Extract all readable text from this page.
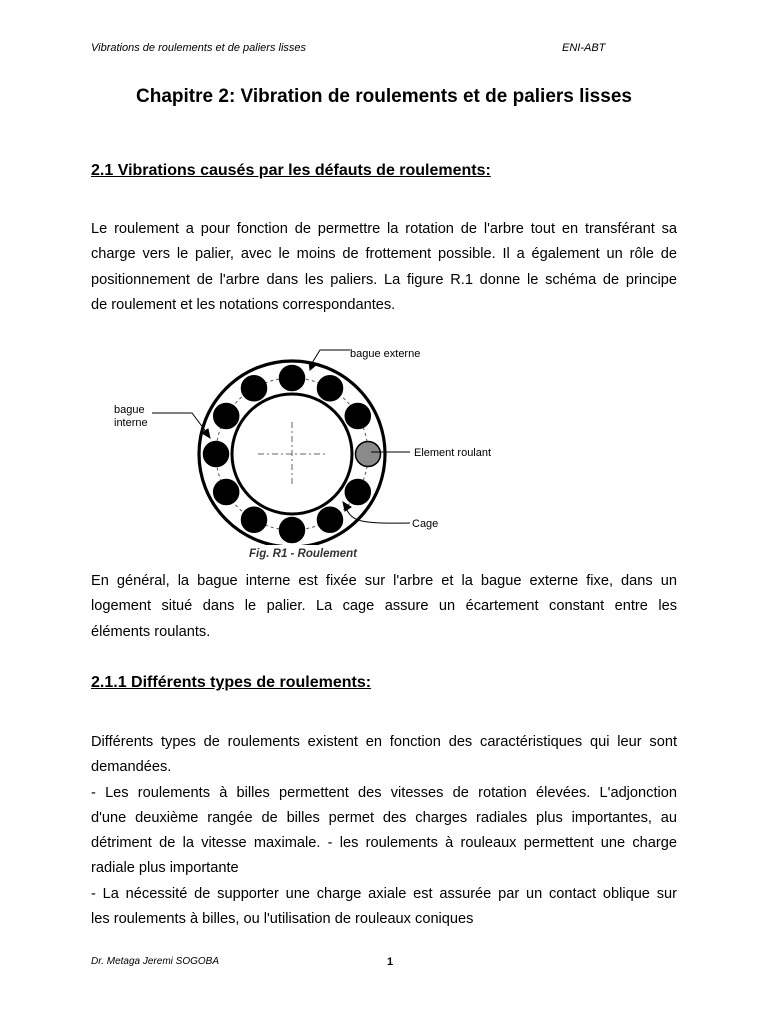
Vibrations de roulements et de paliers lisses	ENI-ABT
Chapitre 2: Vibration de roulements et de paliers lisses
2.1 Vibrations causés par les défauts de roulements:
Le roulement a pour fonction de permettre la rotation de l'arbre tout en transférant sa
charge vers le palier, avec le moins de frottement possible. Il a également un rôle de
positionnement de l'arbre dans les paliers. La figure R.1 donne le schéma de principe
de roulement et les notations correspondantes.
bague externe
bague
interne
Element roulant
Cage
Fig. R1 - Roulement
En général, la bague interne est fixée sur l'arbre et la bague externe fixe, dans un
logement situé dans le palier. La cage assure un écartement constant entre les
éléments roulants.
2.1.1 Différents types de roulements:
Différents types de roulements existent en fonction des caractéristiques qui leur sont
demandées.
- Les roulements à billes permettent des vitesses de rotation élevées. L'adjonction
d'une deuxième rangée de billes permet des charges radiales plus importantes, au
détriment de la vitesse maximale. - les roulements à rouleaux permettent une charge
radiale plus importante
- La nécessité de supporter une charge axiale est assurée par un contact oblique sur
les roulements à billes, ou l'utilisation de rouleaux coniques
Dr. Metaga Jeremi SOGOBA	1
